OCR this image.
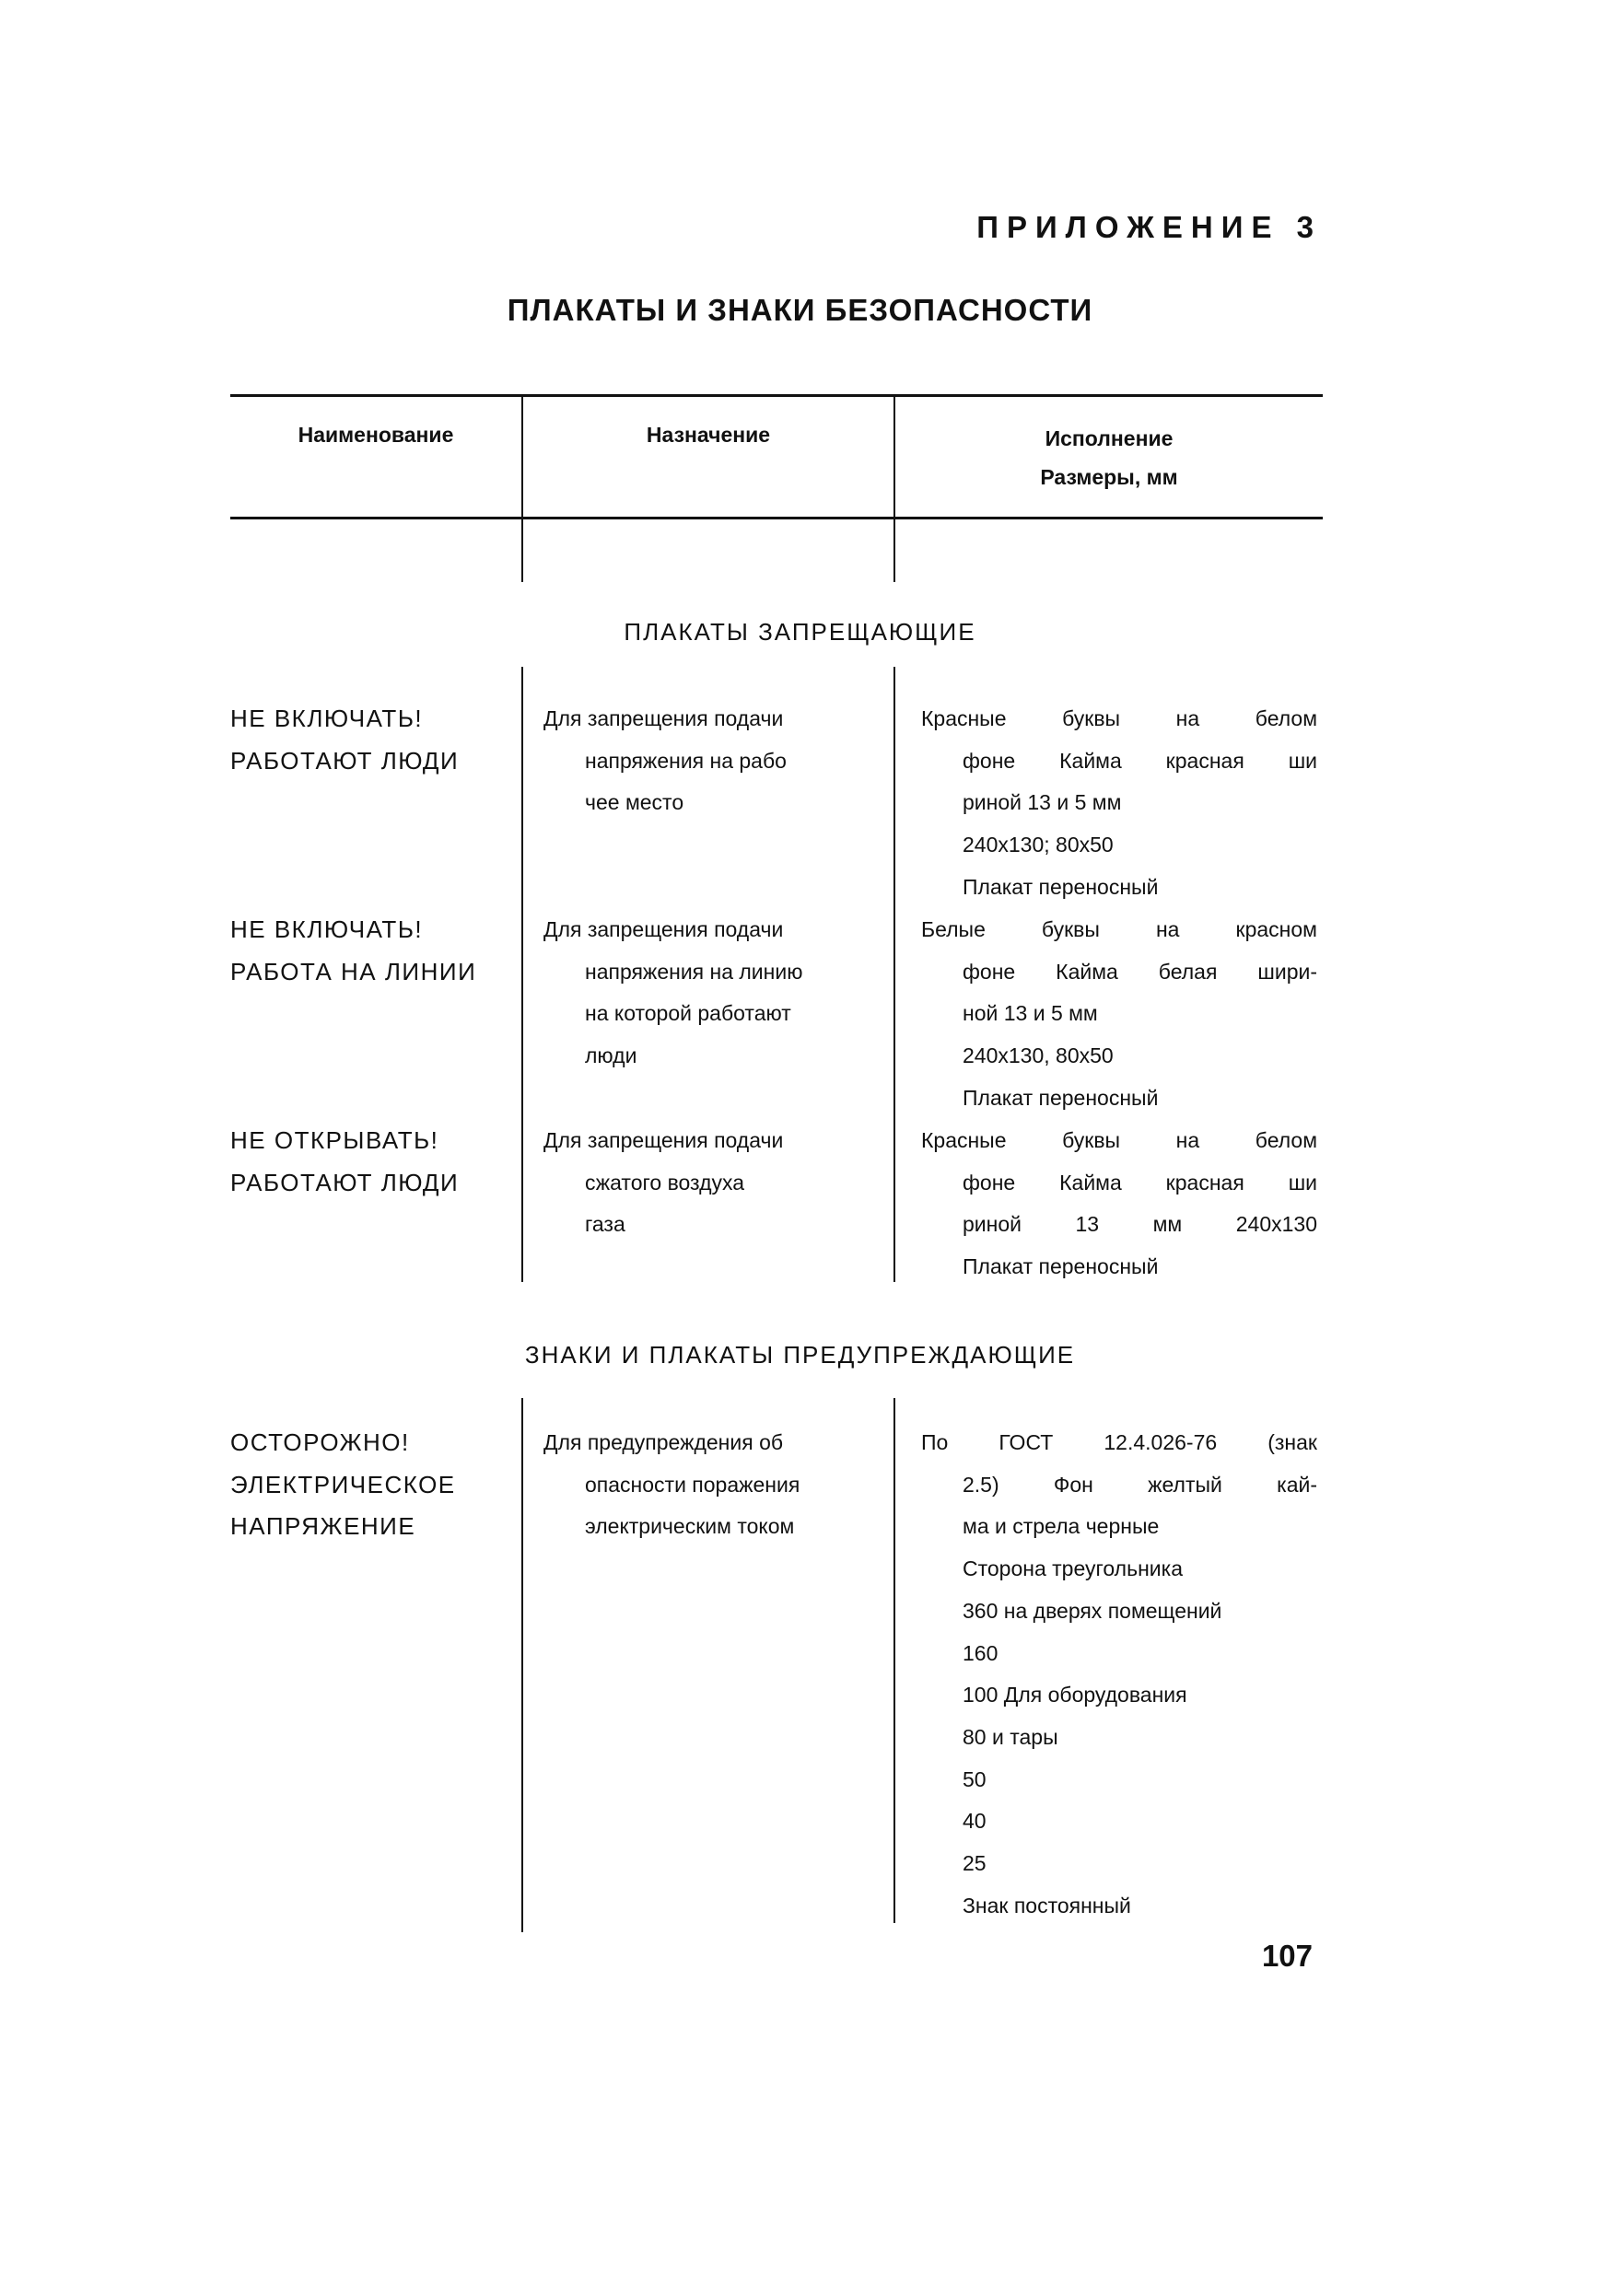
ПРИЛОЖЕНИЕ 3
ПЛАКАТЫ И ЗНАКИ БЕЗОПАСНОСТИ
Наименование	Назначение	Исполнение
Размеры, мм
ПЛАКАТЫ ЗАПРЕЩАЮЩИЕ
НЕ ВКЛЮЧАТЬ!
РАБОТАЮТ ЛЮДИ
Для запрещения подачи
напряжения на рабо
чее место
Красные буквы на белом
фоне Кайма красная ши
риной 13 и 5 мм
240x130; 80x50
Плакат переносный
НЕ ВКЛЮЧАТЬ!
РАБОТА НА ЛИНИИ
Для запрещения подачи
напряжения на линию
на которой работают
люди
Белые буквы на красном
фоне Кайма белая шири-
ной 13 и 5 мм
240x130, 80x50
Плакат переносный
НЕ ОТКРЫВАТЬ!
РАБОТАЮТ ЛЮДИ
Для запрещения подачи
сжатого воздуха
газа
Красные буквы на белом
фоне Кайма красная ши
риной 13 мм 240x130
Плакат переносный
ЗНАКИ И ПЛАКАТЫ ПРЕДУПРЕЖДАЮЩИЕ
ОСТОРОЖНО!
ЭЛЕКТРИЧЕСКОЕ
НАПРЯЖЕНИЕ
Для предупреждения об
опасности поражения
электрическим током
По ГОСТ 12.4.026-76 (знак
2.5) Фон желтый кай-
ма и стрела черные
Сторона треугольника
360 на дверях помещений
160
100 Для оборудования
80 и тары
50
40
25
Знак постоянный
107
